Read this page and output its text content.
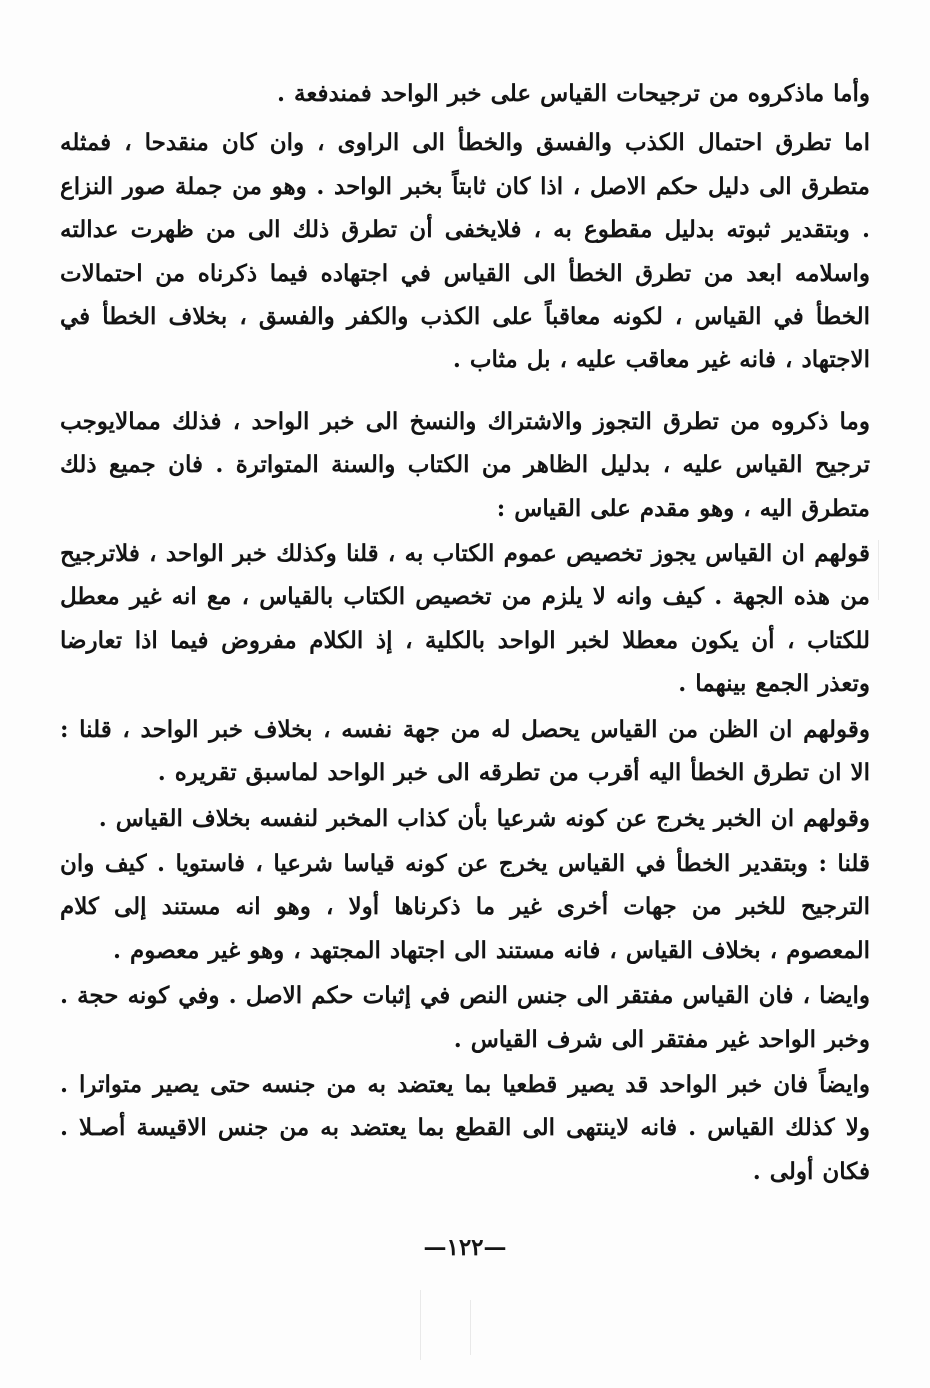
وأما ماذكروه من ترجيحات القياس على خبر الواحد فمندفعة .

اما تطرق احتمال الكذب والفسق والخطأ الى الراوى ، وان كان منقدحا ، فمثله متطرق الى دليل حكم الاصل ، اذا كان ثابتاً بخبر الواحد . وهو من جملة صور النزاع . وبتقدير ثبوته بدليل مقطوع به ، فلايخفى أن تطرق ذلك الى من ظهرت عدالته واسلامه ابعد من تطرق الخطأ الى القياس في اجتهاده فيما ذكرناه من احتمالات الخطأ في القياس ، لكونه معاقباً على الكذب والكفر والفسق ، بخلاف الخطأ في الاجتهاد ، فانه غير معاقب عليه ، بل مثاب .

وما ذكروه من تطرق التجوز والاشتراك والنسخ الى خبر الواحد ، فذلك ممالايوجب ترجيح القياس عليه ، بدليل الظاهر من الكتاب والسنة المتواترة . فان جميع ذلك متطرق اليه ، وهو مقدم على القياس :

قولهم ان القياس يجوز تخصيص عموم الكتاب به ، قلنا وكذلك خبر الواحد ، فلاترجيح من هذه الجهة . كيف وانه لا يلزم من تخصيص الكتاب بالقياس ، مع انه غير معطل للكتاب ، أن يكون معطلا لخبر الواحد بالكلية ، إذ الكلام مفروض فيما اذا تعارضا وتعذر الجمع بينهما .

وقولهم ان الظن من القياس يحصل له من جهة نفسه ، بخلاف خبر الواحد ، قلنا : الا ان تطرق الخطأ اليه أقرب من تطرقه الى خبر الواحد لماسبق تقريره .

وقولهم ان الخبر يخرج عن كونه شرعيا بأن كذاب المخبر لنفسه بخلاف القياس .

قلنا : وبتقدير الخطأ في القياس يخرج عن كونه قياسا شرعيا ، فاستويا . كيف وان الترجيح للخبر من جهات أخرى غير ما ذكرناها أولا ، وهو انه مستند إلى كلام المعصوم ، بخلاف القياس ، فانه مستند الى اجتهاد المجتهد ، وهو غير معصوم .

وايضا ، فان القياس مفتقر الى جنس النص في إثبات حكم الاصل . وفي كونه حجة . وخبر الواحد غير مفتقر الى شرف القياس .

وايضاً فان خبر الواحد قد يصير قطعيا بما يعتضد به من جنسه حتى يصير متواترا . ولا كذلك القياس . فانه لاينتهى الى القطع بما يعتضد به من جنس الاقيسة أصـلا . فكان أولى .

—١٢٢—
